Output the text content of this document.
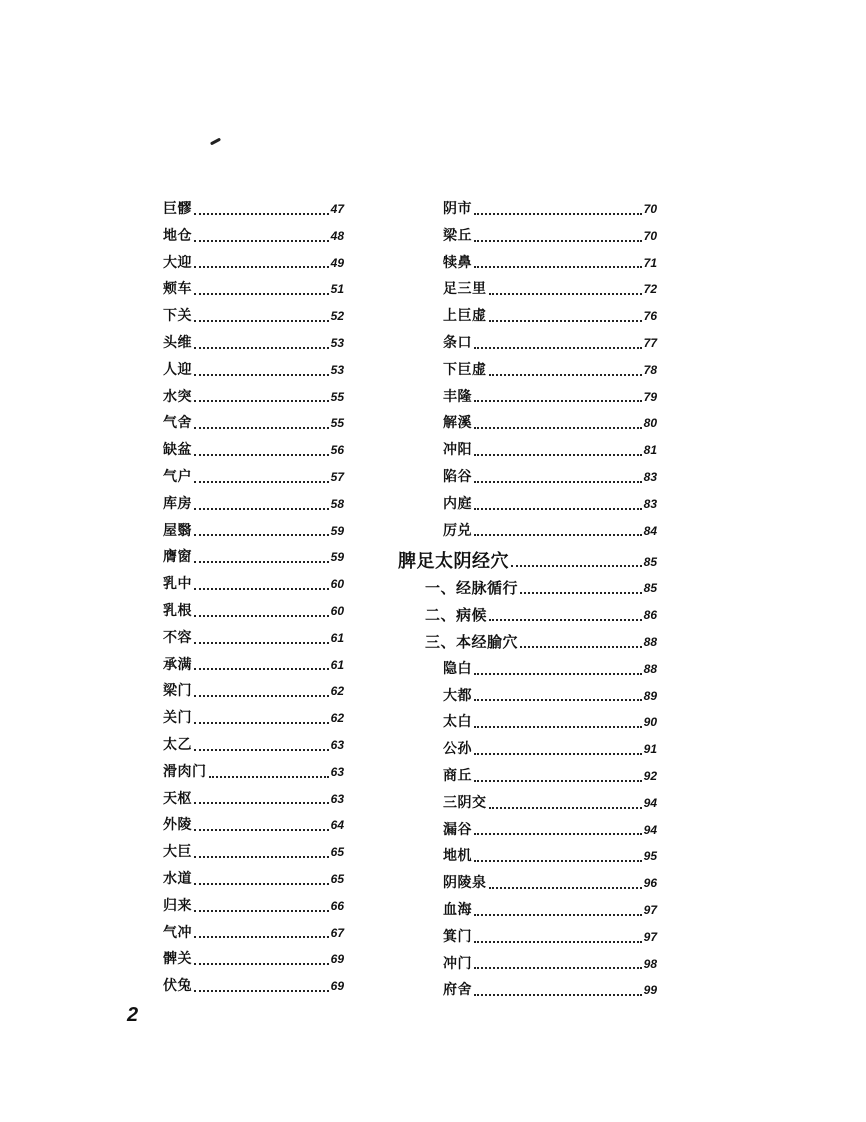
巨髎	47
地仓	48
大迎	49
颊车	51
下关	52
头维	53
人迎	53
水突	55
气舍	55
缺盆	56
气户	57
库房	58
屋翳	59
膺窗	59
乳中	60
乳根	60
不容	61
承满	61
梁门	62
关门	62
太乙	63
滑肉门	63
天枢	63
外陵	64
大巨	65
水道	65
归来	66
气冲	67
髀关	69
伏兔	69
阴市	70
梁丘	70
犊鼻	71
足三里	72
上巨虚	76
条口	77
下巨虚	78
丰隆	79
解溪	80
冲阳	81
陷谷	83
内庭	83
厉兑	84
脾足太阴经穴	85
一、经脉循行	85
二、病候	86
三、本经腧穴	88
隐白	88
大都	89
太白	90
公孙	91
商丘	92
三阴交	94
漏谷	94
地机	95
阴陵泉	96
血海	97
箕门	97
冲门	98
府舍	99
2
